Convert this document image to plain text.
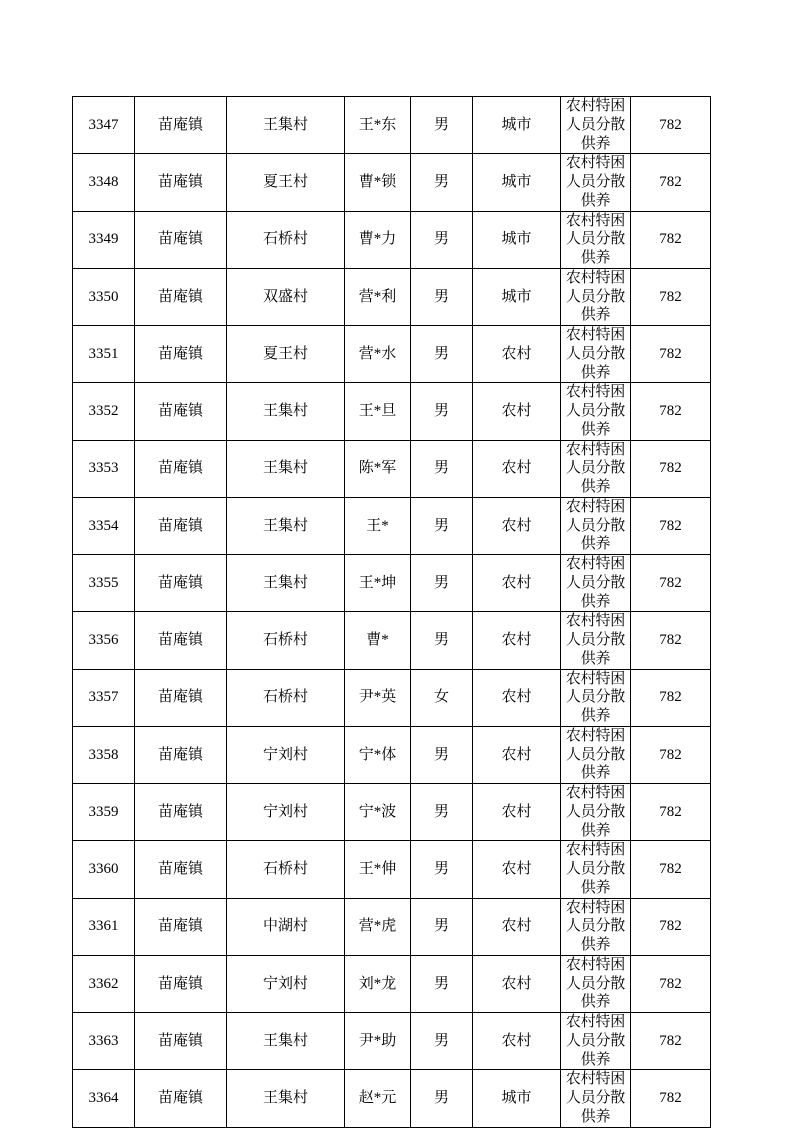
3347	苗庵镇	王集村	王*东	男	城市	农村特困人员分散供养	782
3348	苗庵镇	夏王村	曹*锁	男	城市	农村特困人员分散供养	782
3349	苗庵镇	石桥村	曹*力	男	城市	农村特困人员分散供养	782
3350	苗庵镇	双盛村	营*利	男	城市	农村特困人员分散供养	782
3351	苗庵镇	夏王村	营*水	男	农村	农村特困人员分散供养	782
3352	苗庵镇	王集村	王*旦	男	农村	农村特困人员分散供养	782
3353	苗庵镇	王集村	陈*军	男	农村	农村特困人员分散供养	782
3354	苗庵镇	王集村	王*	男	农村	农村特困人员分散供养	782
3355	苗庵镇	王集村	王*坤	男	农村	农村特困人员分散供养	782
3356	苗庵镇	石桥村	曹*	男	农村	农村特困人员分散供养	782
3357	苗庵镇	石桥村	尹*英	女	农村	农村特困人员分散供养	782
3358	苗庵镇	宁刘村	宁*体	男	农村	农村特困人员分散供养	782
3359	苗庵镇	宁刘村	宁*波	男	农村	农村特困人员分散供养	782
3360	苗庵镇	石桥村	王*伸	男	农村	农村特困人员分散供养	782
3361	苗庵镇	中湖村	营*虎	男	农村	农村特困人员分散供养	782
3362	苗庵镇	宁刘村	刘*龙	男	农村	农村特困人员分散供养	782
3363	苗庵镇	王集村	尹*助	男	农村	农村特困人员分散供养	782
3364	苗庵镇	王集村	赵*元	男	城市	农村特困人员分散供养	782
